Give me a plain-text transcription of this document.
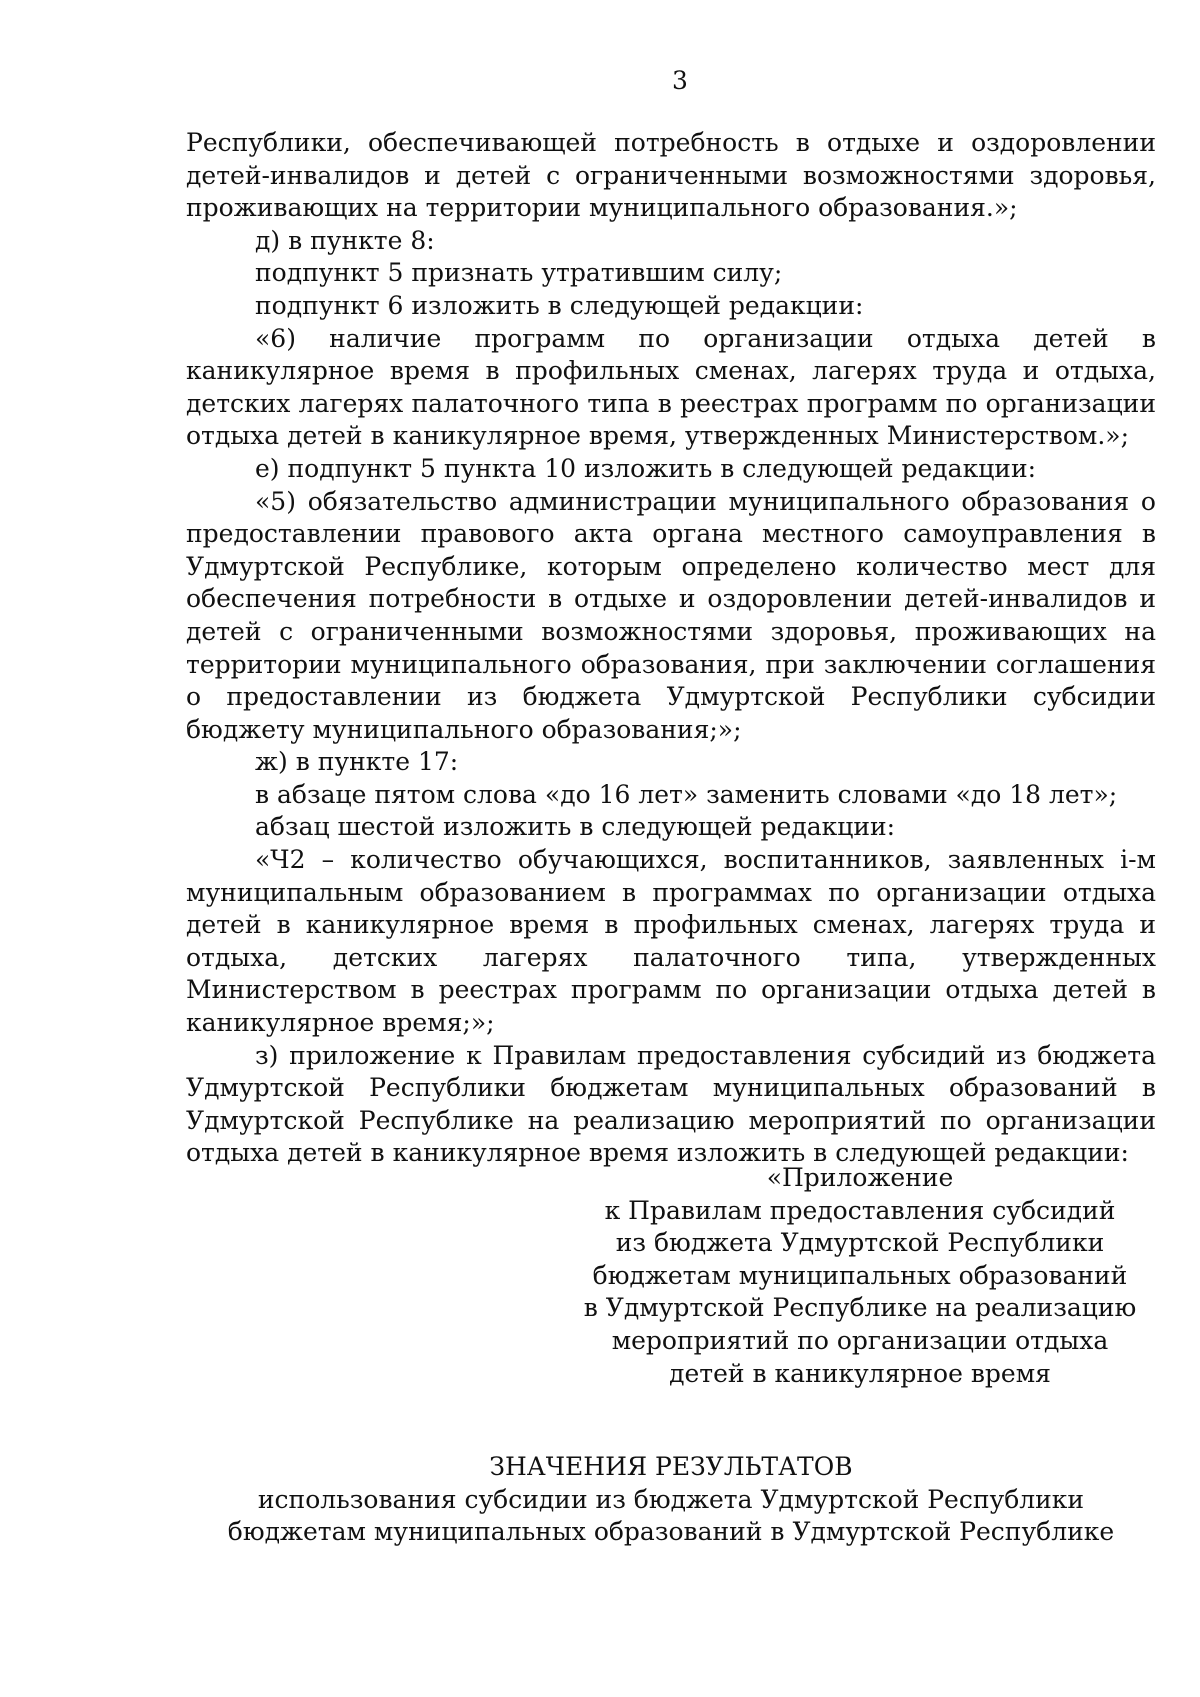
3

Республики, обеспечивающей потребность в отдыхе и оздоровлении детей-инвалидов и детей с ограниченными возможностями здоровья, проживающих на территории муниципального образования.»;

д) в пункте 8:

подпункт 5 признать утратившим силу;

подпункт 6 изложить в следующей редакции:

«6) наличие программ по организации отдыха детей в каникулярное время в профильных сменах, лагерях труда и отдыха, детских лагерях палаточного типа в реестрах программ по организации отдыха детей в каникулярное время, утвержденных Министерством.»;

е) подпункт 5 пункта 10 изложить в следующей редакции:

«5) обязательство администрации муниципального образования о предоставлении правового акта органа местного самоуправления в Удмуртской Республике, которым определено количество мест для обеспечения потребности в отдыхе и оздоровлении детей-инвалидов и детей с ограниченными возможностями здоровья, проживающих на территории муниципального образования, при заключении соглашения о предоставлении из бюджета Удмуртской Республики субсидии бюджету муниципального образования;»;

ж) в пункте 17:

в абзаце пятом слова «до 16 лет» заменить словами «до 18 лет»;

абзац шестой изложить в следующей редакции:

«Ч2 – количество обучающихся, воспитанников, заявленных i-м муниципальным образованием в программах по организации отдыха детей в каникулярное время в профильных сменах, лагерях труда и отдыха, детских лагерях палаточного типа, утвержденных Министерством в реестрах программ по организации отдыха детей в каникулярное время;»;

з) приложение к Правилам предоставления субсидий из бюджета Удмуртской Республики бюджетам муниципальных образований в Удмуртской Республике на реализацию мероприятий по организации отдыха детей в каникулярное время изложить в следующей редакции:

«Приложение
к Правилам предоставления субсидий
из бюджета Удмуртской Республики
бюджетам муниципальных образований
в Удмуртской Республике на реализацию
мероприятий по организации отдыха
детей в каникулярное время
ЗНАЧЕНИЯ РЕЗУЛЬТАТОВ
использования субсидии из бюджета Удмуртской Республики
бюджетам муниципальных образований в Удмуртской Республике
